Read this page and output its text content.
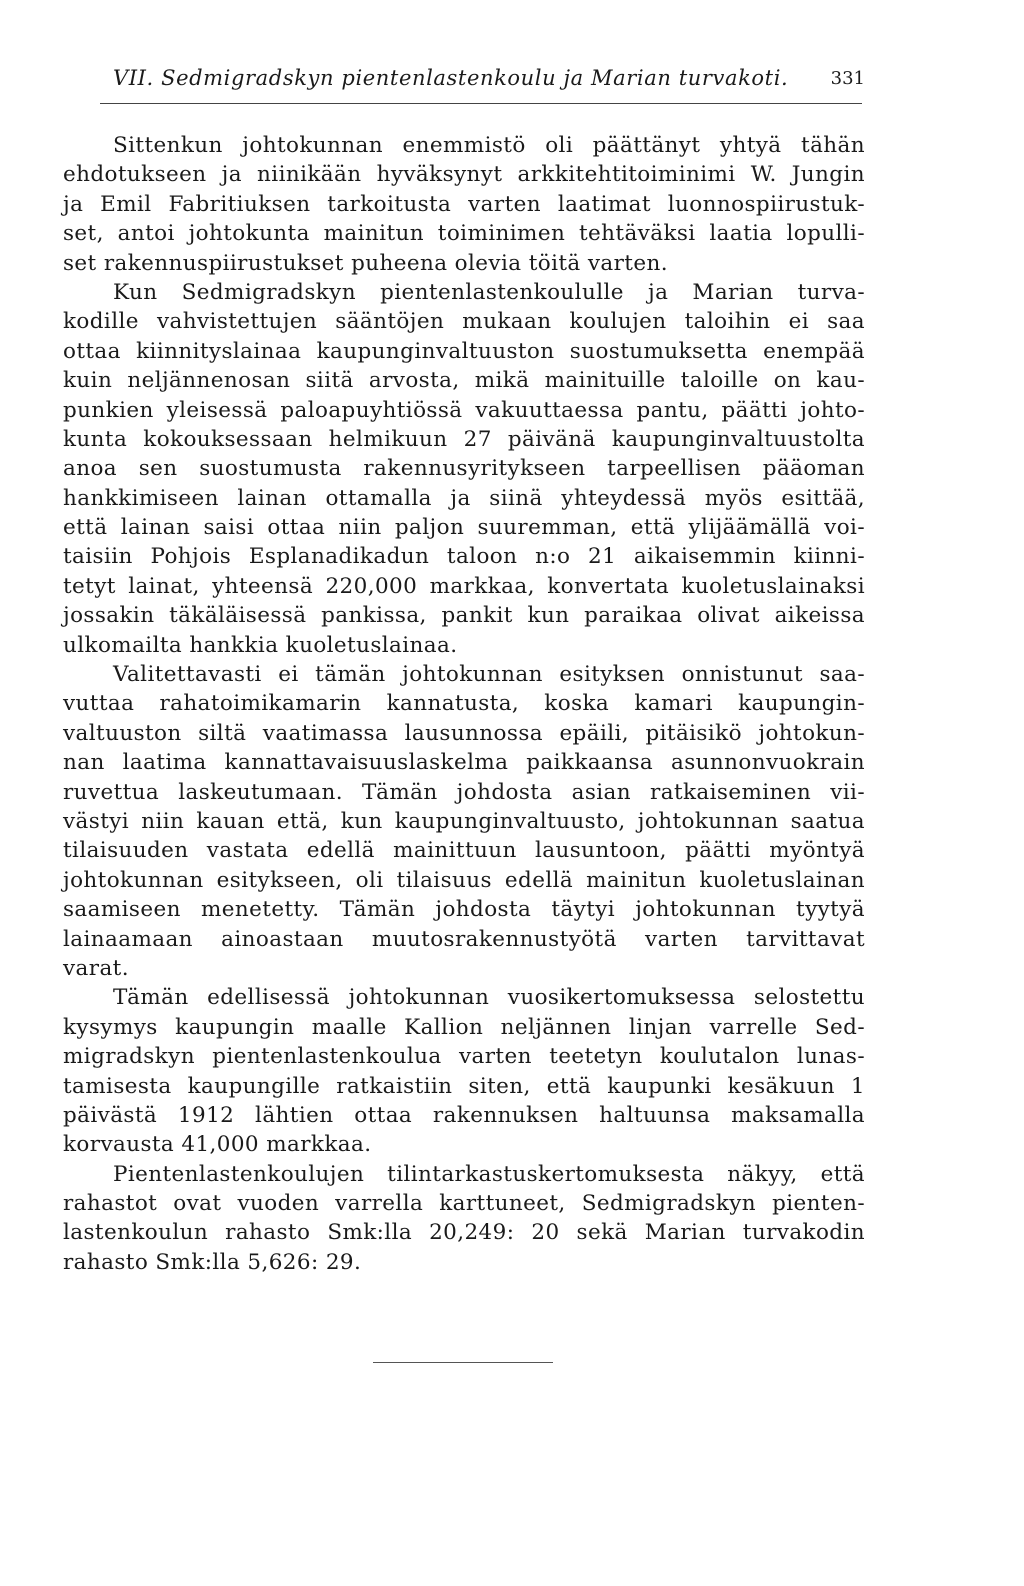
VII. Sedmigradskyn pientenlastenkoulu ja Marian turvakoti. 331
Sittenkun johtokunnan enemmistö oli päättänyt yhtyä tähän
ehdotukseen ja niinikään hyväksynyt arkkitehtitoiminimi W. Jungin
ja Emil Fabritiuksen tarkoitusta varten laatimat luonnospiirustuk-
set, antoi johtokunta mainitun toiminimen tehtäväksi laatia lopulli-
set rakennuspiirustukset puheena olevia töitä varten.
Kun Sedmigradskyn pientenlastenkoululle ja Marian turva-
kodille vahvistettujen sääntöjen mukaan koulujen taloihin ei saa
ottaa kiinnityslainaa kaupunginvaltuuston suostumuksetta enempää
kuin neljännenosan siitä arvosta, mikä mainituille taloille on kau-
punkien yleisessä paloapuyhtiössä vakuuttaessa pantu, päätti johto-
kunta kokouksessaan helmikuun 27 päivänä kaupunginvaltuustolta
anoa sen suostumusta rakennusyritykseen tarpeellisen pääoman
hankkimiseen lainan ottamalla ja siinä yhteydessä myös esittää,
että lainan saisi ottaa niin paljon suuremman, että ylijäämällä voi-
taisiin Pohjois Esplanadikadun taloon n:o 21 aikaisemmin kiinni-
tetyt lainat, yhteensä 220,000 markkaa, konvertata kuoletuslainaksi
jossakin täkäläisessä pankissa, pankit kun paraikaa olivat aikeissa
ulkomailta hankkia kuoletuslainaa.
Valitettavasti ei tämän johtokunnan esityksen onnistunut saa-
vuttaa rahatoimikamarin kannatusta, koska kamari kaupungin-
valtuuston siltä vaatimassa lausunnossa epäili, pitäisikö johtokun-
nan laatima kannattavaisuuslaskelma paikkaansa asunnonvuokrain
ruvettua laskeutumaan. Tämän johdosta asian ratkaiseminen vii-
västyi niin kauan että, kun kaupunginvaltuusto, johtokunnan saatua
tilaisuuden vastata edellä mainittuun lausuntoon, päätti myöntyä
johtokunnan esitykseen, oli tilaisuus edellä mainitun kuoletuslainan
saamiseen menetetty. Tämän johdosta täytyi johtokunnan tyytyä
lainaamaan ainoastaan muutosrakennustyötä varten tarvittavat
varat.
Tämän edellisessä johtokunnan vuosikertomuksessa selostettu
kysymys kaupungin maalle Kallion neljännen linjan varrelle Sed-
migradskyn pientenlastenkoulua varten teetetyn koulutalon lunas-
tamisesta kaupungille ratkaistiin siten, että kaupunki kesäkuun 1
päivästä 1912 lähtien ottaa rakennuksen haltuunsa maksamalla
korvausta 41,000 markkaa.
Pientenlastenkoulujen tilintarkastuskertomuksesta näkyy, että
rahastot ovat vuoden varrella karttuneet, Sedmigradskyn pienten-
lastenkoulun rahasto Smk:lla 20,249: 20 sekä Marian turvakodin
rahasto Smk:lla 5,626: 29.
